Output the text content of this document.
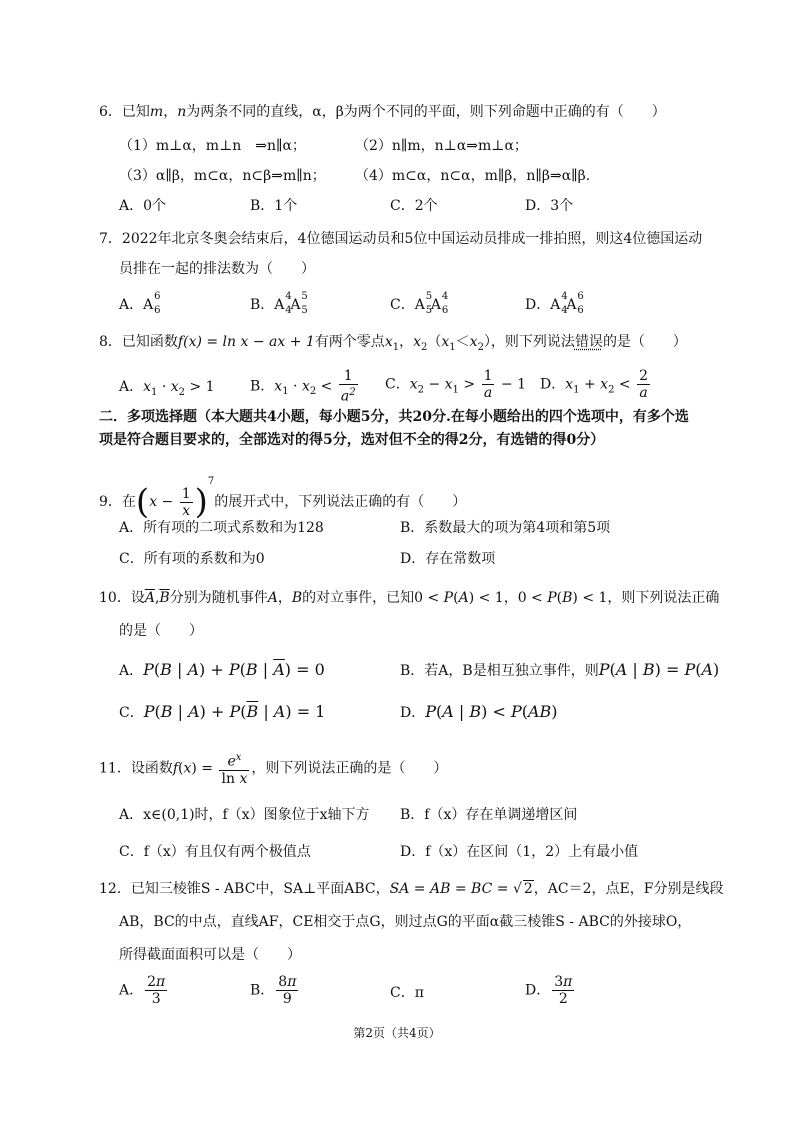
6．已知m，n为两条不同的直线，α，β为两个不同的平面，则下列命题中正确的有（　　）
（1）m⊥α，m⊥n　⇒n∥α；	（2）n∥m，n⊥α⇒m⊥α；
（3）α∥β，m⊂α，n⊂β⇒m∥n； （4）m⊂α，n⊂α，m∥β，n∥β⇒α∥β.
A．0个	B．1个	C．2个	D．3个
7．2022年北京冬奥会结束后，4位德国运动员和5位中国运动员排成一排拍照，则这4位德国运动
员排在一起的排法数为（　　）
A．A
6
6	B．A
4
4
A
5
5	C．A
5
5
A
4
6	D．A
4
4
A
6
6
8．已知函数f(x) = ln x − ax + 1有两个零点$x_1$，$x_2(x_1<x_2)$，则下列说法错误的是（　　）
A．$x_1 \cdot x_2 > 1$	B．$x_1 \cdot x_2 < \frac{1}{a^2}$ C．$x_2 - x_1 > \frac{1}{a} - 1$ D．$x_1 + x_2 < \frac{2}{a}$
二．多项选择题（本大题共4小题，每小题5分，共20分.在每小题给出的四个选项中，有多个选
项是符合题目要求的，全部选对的得5分，选对但不全的得2分，有选错的得0分）
9．在$(x - \frac{1}{x} )^7$的展开式中，下列说法正确的有（　　）
A．所有项的二项式系数和为128	B．系数最大的项为第4项和第5项
C．所有项的系数和为0	D．存在常数项
10．设$\overline{A},\overline{B}$分别为随机事件A，B的对立事件，已知0 < P(A) < 1，0 < P(B) < 1，则下列说法正确
的是（　　）
A．P(B | A) + P(B | $\overline{A}) = 0$	B．若A，B是相互独立事件，则P(A | B) = P(A)
C．P(B | $A) + P(\overline{B}$ | A) = 1	D．P(A | B) < P(AB)
11．设函数$f(x) = \frac{e^x}{\text{ln x}}$ ，则下列说法正确的是（　　）
A．x∈(0,1)时，f（x）图象位于x轴下方 B．f（x）存在单调递增区间
C．f（x）有且仅有两个极值点	D．f（x）在区间（1，2）上有最小值
12．已知三棱锥S - ABC中，SA⊥平面ABC，SA = AB = BC = √ 2，AC＝2，点E，F分别是线段
AB，BC的中点，直线AF，CE相交于点G，则过点G的平面α截三棱锥S - ABC的外接球O，
所得截面面积可以是（　　）
A． $\frac{2\pi}{3}$	B． $\frac{8\pi}{9}$	C．π	D． $\frac{3\pi}{2}$
第2页（共4页）
